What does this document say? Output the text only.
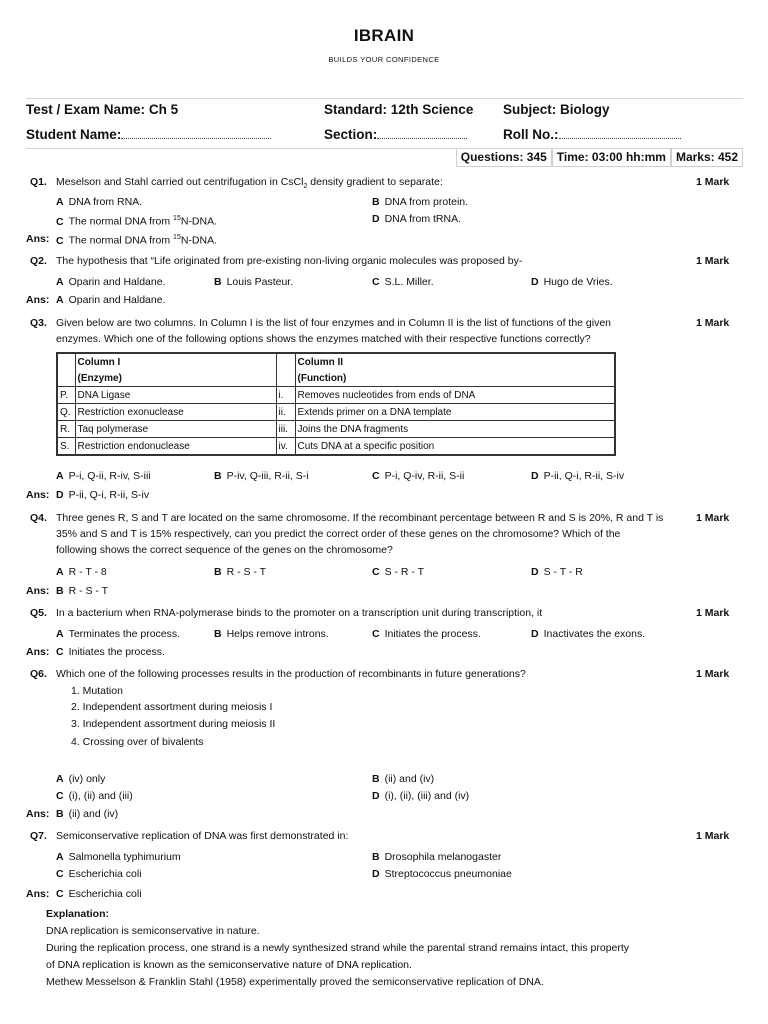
IBRAIN
BUILDS YOUR CONFIDENCE
Test / Exam Name: Ch 5	Standard: 12th Science Subject: Biology
Student Name:	Section:	Roll No.:
Questions: 345 Time: 03:00 hh:mm Marks: 452
Q1. Meselson and Stahl carried out centrifugation in CsCl$_2$ density gradient to separate:	1 Mark
A DNA from RNA.	B DNA from protein.
C The normal DNA from $^{15}$N-DNA.	D DNA from tRNA.
Ans: C The normal DNA from $^{15}$N-DNA.
Q2. The hypothesis that “Life originated from pre-existing non-living organic molecules was proposed by-	1 Mark
A Oparin and Haldane.	B Louis Pasteur.	C S.L. Miller.	D Hugo de Vries.
Ans: A Oparin and Haldane.
Q3. Given below are two columns. In Column I is the list of four enzymes and in Column II is the list of functions of the given
enzymes. Which one of the following options shows the enzymes matched with their respective functions correctly?
1 Mark
	Column I		Column II
	(Enzyme)		(Function)
P.	DNA Ligase	i.	Removes nucleotides from ends of DNA
Q.	Restriction exonuclease	ii.	Extends primer on a DNA template
R.	Taq polymerase	iii.	Joins the DNA fragments
S.	Restriction endonuclease	iv.	Cuts DNA at a specific position
A P-i, Q-ii, R-iv, S-iii	B P-iv, Q-iii, R-ii, S-i	C P-i, Q-iv, R-ii, S-ii	D P-ii, Q-i, R-ii, S-iv
Ans: D P-ii, Q-i, R-ii, S-iv
Q4. Three genes R, S and T are located on the same chromosome. If the recombinant percentage between R and S is 20%, R and T is
35% and S and T is 15% respectively, can you predict the correct order of these genes on the chromosome? Which of the
following shows the correct sequence of the genes on the chromosome?
1 Mark
A R - T - 8	B R - S - T	C S - R - T	D S - T - R
Ans: B R - S - T
Q5. In a bacterium when RNA-polymerase binds to the promoter on a transcription unit during transcription, it	1 Mark
A Terminates the process.	B Helps remove introns.	C Initiates the process.	D Inactivates the exons.
Ans: C Initiates the process.
Q6. Which one of the following processes results in the production of recombinants in future generations?	1 Mark
1. Mutation
2. Independent assortment during meiosis I
3. Independent assortment during meiosis II
4. Crossing over of bivalents
A (iv) only	B (ii) and (iv)
C (i), (ii) and (iii)	D (i), (ii), (iii) and (iv)
Ans: B (ii) and (iv)
Q7. Semiconservative replication of DNA was first demonstrated in:	1 Mark
A Salmonella typhimurium	B Drosophila melanogaster
C Escherichia coli	D Streptococcus pneumoniae
Ans: C Escherichia coli
Explanation:
DNA replication is semiconservative in nature.
During the replication process, one strand is a newly synthesized strand while the parental strand remains intact, this property
of DNA replication is known as the semiconservative nature of DNA replication.
Methew Messelson & Franklin Stahl (1958) experimentally proved the semiconservative replication of DNA.
